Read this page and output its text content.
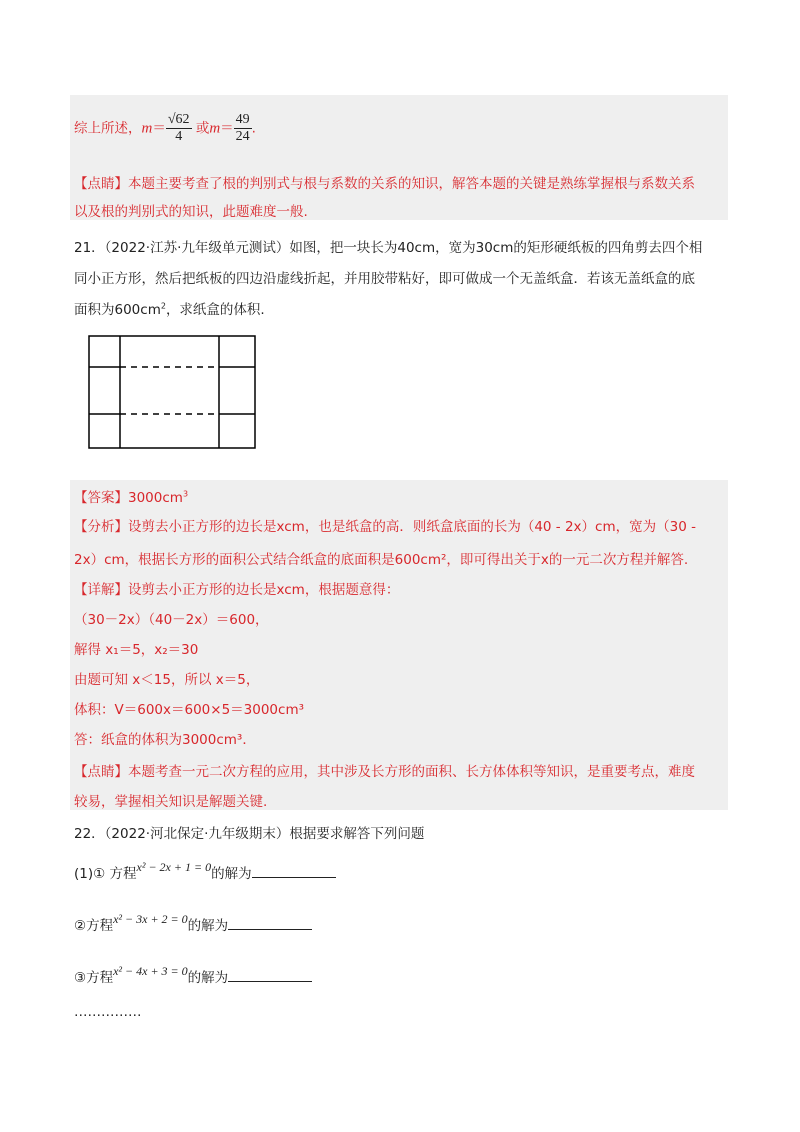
综上所述，$m= \frac{√62}{4}$ 或$m= \frac{49}{24}$ .
【点睛】本题主要考查了根的判别式与根与系数的关系的知识，解答本题的关键是熟练掌握根与系数关系
以及根的判别式的知识，此题难度一般.
21．（2022·江苏·九年级单元测试）如图，把一块长为40cm，宽为30cm的矩形硬纸板的四角剪去四个相
同小正方形，然后把纸板的四边沿虚线折起，并用胶带粘好，即可做成一个无盖纸盒．若该无盖纸盒的底
面积为$600cm^2$，求纸盒的体积.
【答案】$3000cm^3$
【分析】设剪去小正方形的边长是xcm，也是纸盒的高．则纸盒底面的长为（40 - 2x）cm，宽为（30 -
2x）cm，根据长方形的面积公式结合纸盒的底面积是600cm²，即可得出关于x的一元二次方程并解答.
【详解】设剪去小正方形的边长是xcm，根据题意得：
（30－2x）（40－2x）＝600，
解得 x₁＝5，x₂＝30
由题可知 x＜15，所以 x＝5，
体积：V＝600x＝600×5＝3000cm³
答：纸盒的体积为3000cm³．
【点睛】本题考查一元二次方程的应用，其中涉及长方形的面积、长方体体积等知识，是重要考点，难度
较易，掌握相关知识是解题关键.
22．（2022·河北保定·九年级期末）根据要求解答下列问题
(1)① 方程x² − 2x + 1 = 0的解为
②方程x² − 3x + 2 = 0的解为
③方程x² − 4x + 3 = 0的解为
……………
